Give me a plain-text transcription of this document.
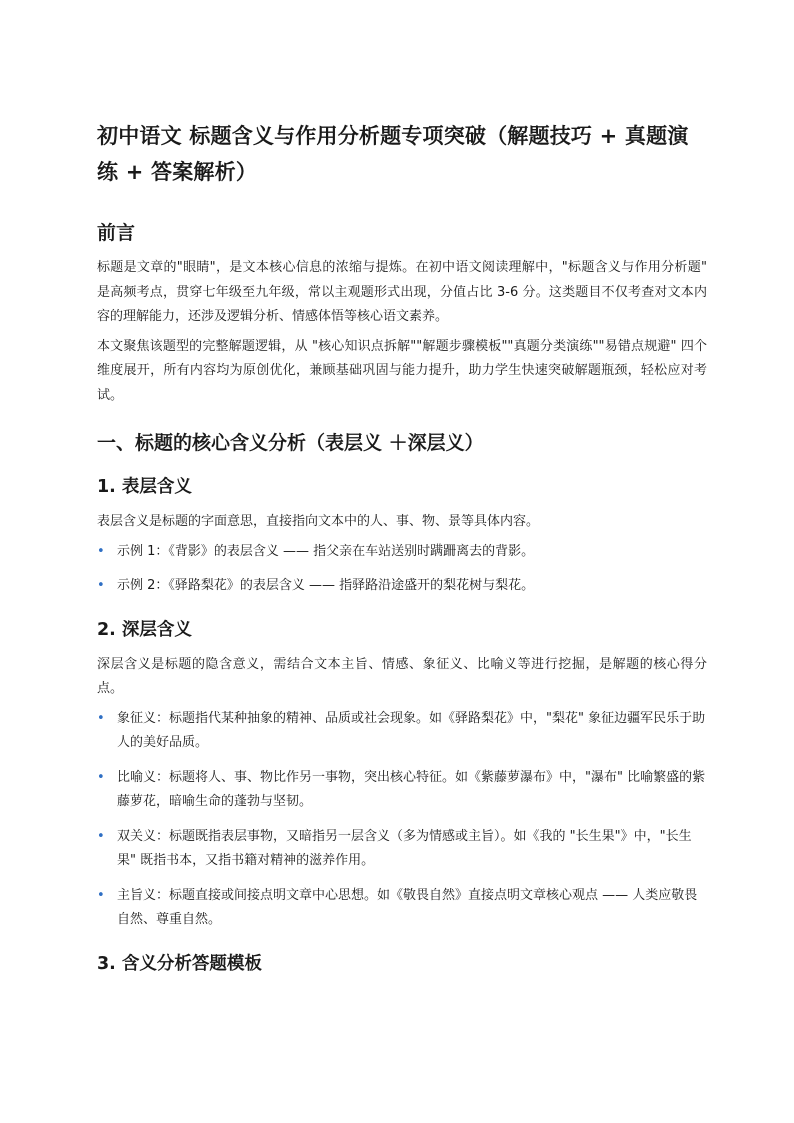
初中语文 标题含义与作用分析题专项突破（解题技巧 + 真题演练 + 答案解析）
前言

标题是文章的"眼睛"，是文本核心信息的浓缩与提炼。在初中语文阅读理解中，"标题含义与作用分析题" 是高频考点，贯穿七年级至九年级，常以主观题形式出现，分值占比 3-6 分。这类题目不仅考查对文本内容的理解能力，还涉及逻辑分析、情感体悟等核心语文素养。

本文聚焦该题型的完整解题逻辑，从 "核心知识点拆解""解题步骤模板""真题分类演练""易错点规避" 四个维度展开，所有内容均为原创优化，兼顾基础巩固与能力提升，助力学生快速突破解题瓶颈，轻松应对考试。

一、标题的核心含义分析（表层义 ＋深层义）
1. 表层含义

表层含义是标题的字面意思，直接指向文本中的人、事、物、景等具体内容。

• 示例 1：《背影》的表层含义 —— 指父亲在车站送别时蹒跚离去的背影。
• 示例 2：《驿路梨花》的表层含义 —— 指驿路沿途盛开的梨花树与梨花。
2. 深层含义

深层含义是标题的隐含意义，需结合文本主旨、情感、象征义、比喻义等进行挖掘，是解题的核心得分点。

• 象征义：标题指代某种抽象的精神、品质或社会现象。如《驿路梨花》中，"梨花" 象征边疆军民乐于助人的美好品质。
• 比喻义：标题将人、事、物比作另一事物，突出核心特征。如《紫藤萝瀑布》中，"瀑布" 比喻繁盛的紫藤萝花，暗喻生命的蓬勃与坚韧。
• 双关义：标题既指表层事物，又暗指另一层含义（多为情感或主旨）。如《我的 "长生果"》中，"长生果" 既指书本，又指书籍对精神的滋养作用。
• 主旨义：标题直接或间接点明文章中心思想。如《敬畏自然》直接点明文章核心观点 —— 人类应敬畏自然、尊重自然。
3. 含义分析答题模板
